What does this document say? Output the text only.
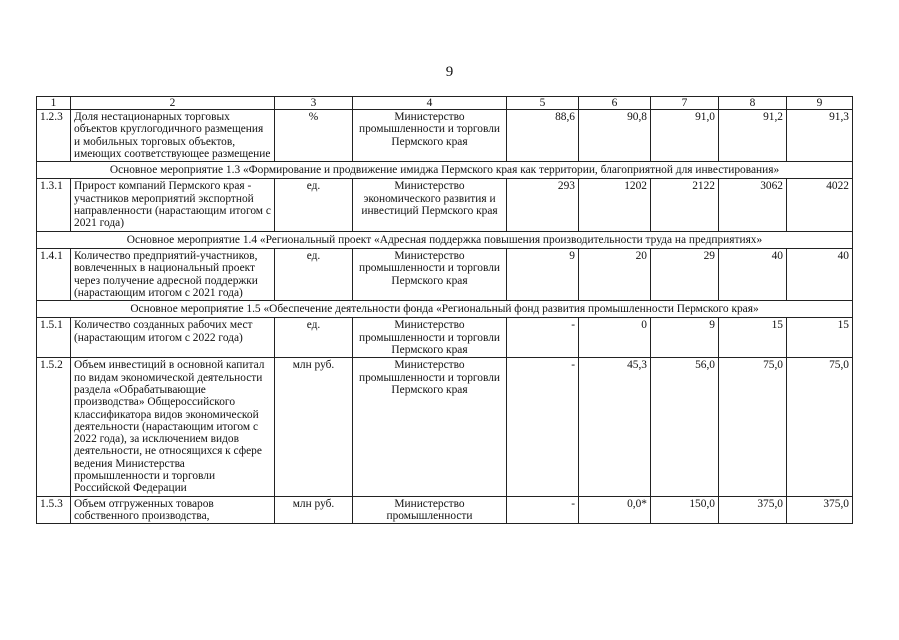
9
1	2	3	4	5	6	7	8	9
1.2.3	Доля нестационарных торговых объектов круглогодичного размещения и мобильных торговых объектов, имеющих соответствующее размещение	%	Министерство промышленности и торговли Пермского края	88,6	90,8	91,0	91,2	91,3
Основное мероприятие 1.3 «Формирование и продвижение имиджа Пермского края как территории, благоприятной для инвестирования»								
1.3.1	Прирост компаний Пермского края - участников мероприятий экспортной направленности (нарастающим итогом с 2021 года)	ед.	Министерство экономического развития и инвестиций Пермского края	293	1202	2122	3062	4022
Основное мероприятие 1.4 «Региональный проект «Адресная поддержка повышения производительности труда на предприятиях»								
1.4.1	Количество предприятий-участников, вовлеченных в национальный проект через получение адресной поддержки (нарастающим итогом с 2021 года)	ед.	Министерство промышленности и торговли Пермского края	9	20	29	40	40
Основное мероприятие 1.5 «Обеспечение деятельности фонда «Региональный фонд развития промышленности Пермского края»								
1.5.1	Количество созданных рабочих мест (нарастающим итогом с 2022 года)	ед.	Министерство промышленности и торговли Пермского края	-	0	9	15	15
1.5.2	Объем инвестиций в основной капитал по видам экономической деятельности раздела «Обрабатывающие производства» Общероссийского классификатора видов экономической деятельности (нарастающим итогом с 2022 года), за исключением видов деятельности, не относящихся к сфере ведения Министерства промышленности и торговли Российской Федерации	млн руб.	Министерство промышленности и торговли Пермского края	-	45,3	56,0	75,0	75,0
1.5.3	Объем отгруженных товаров собственного производства,	млн руб.	Министерство промышленности	-	0,0*	150,0	375,0	375,0
